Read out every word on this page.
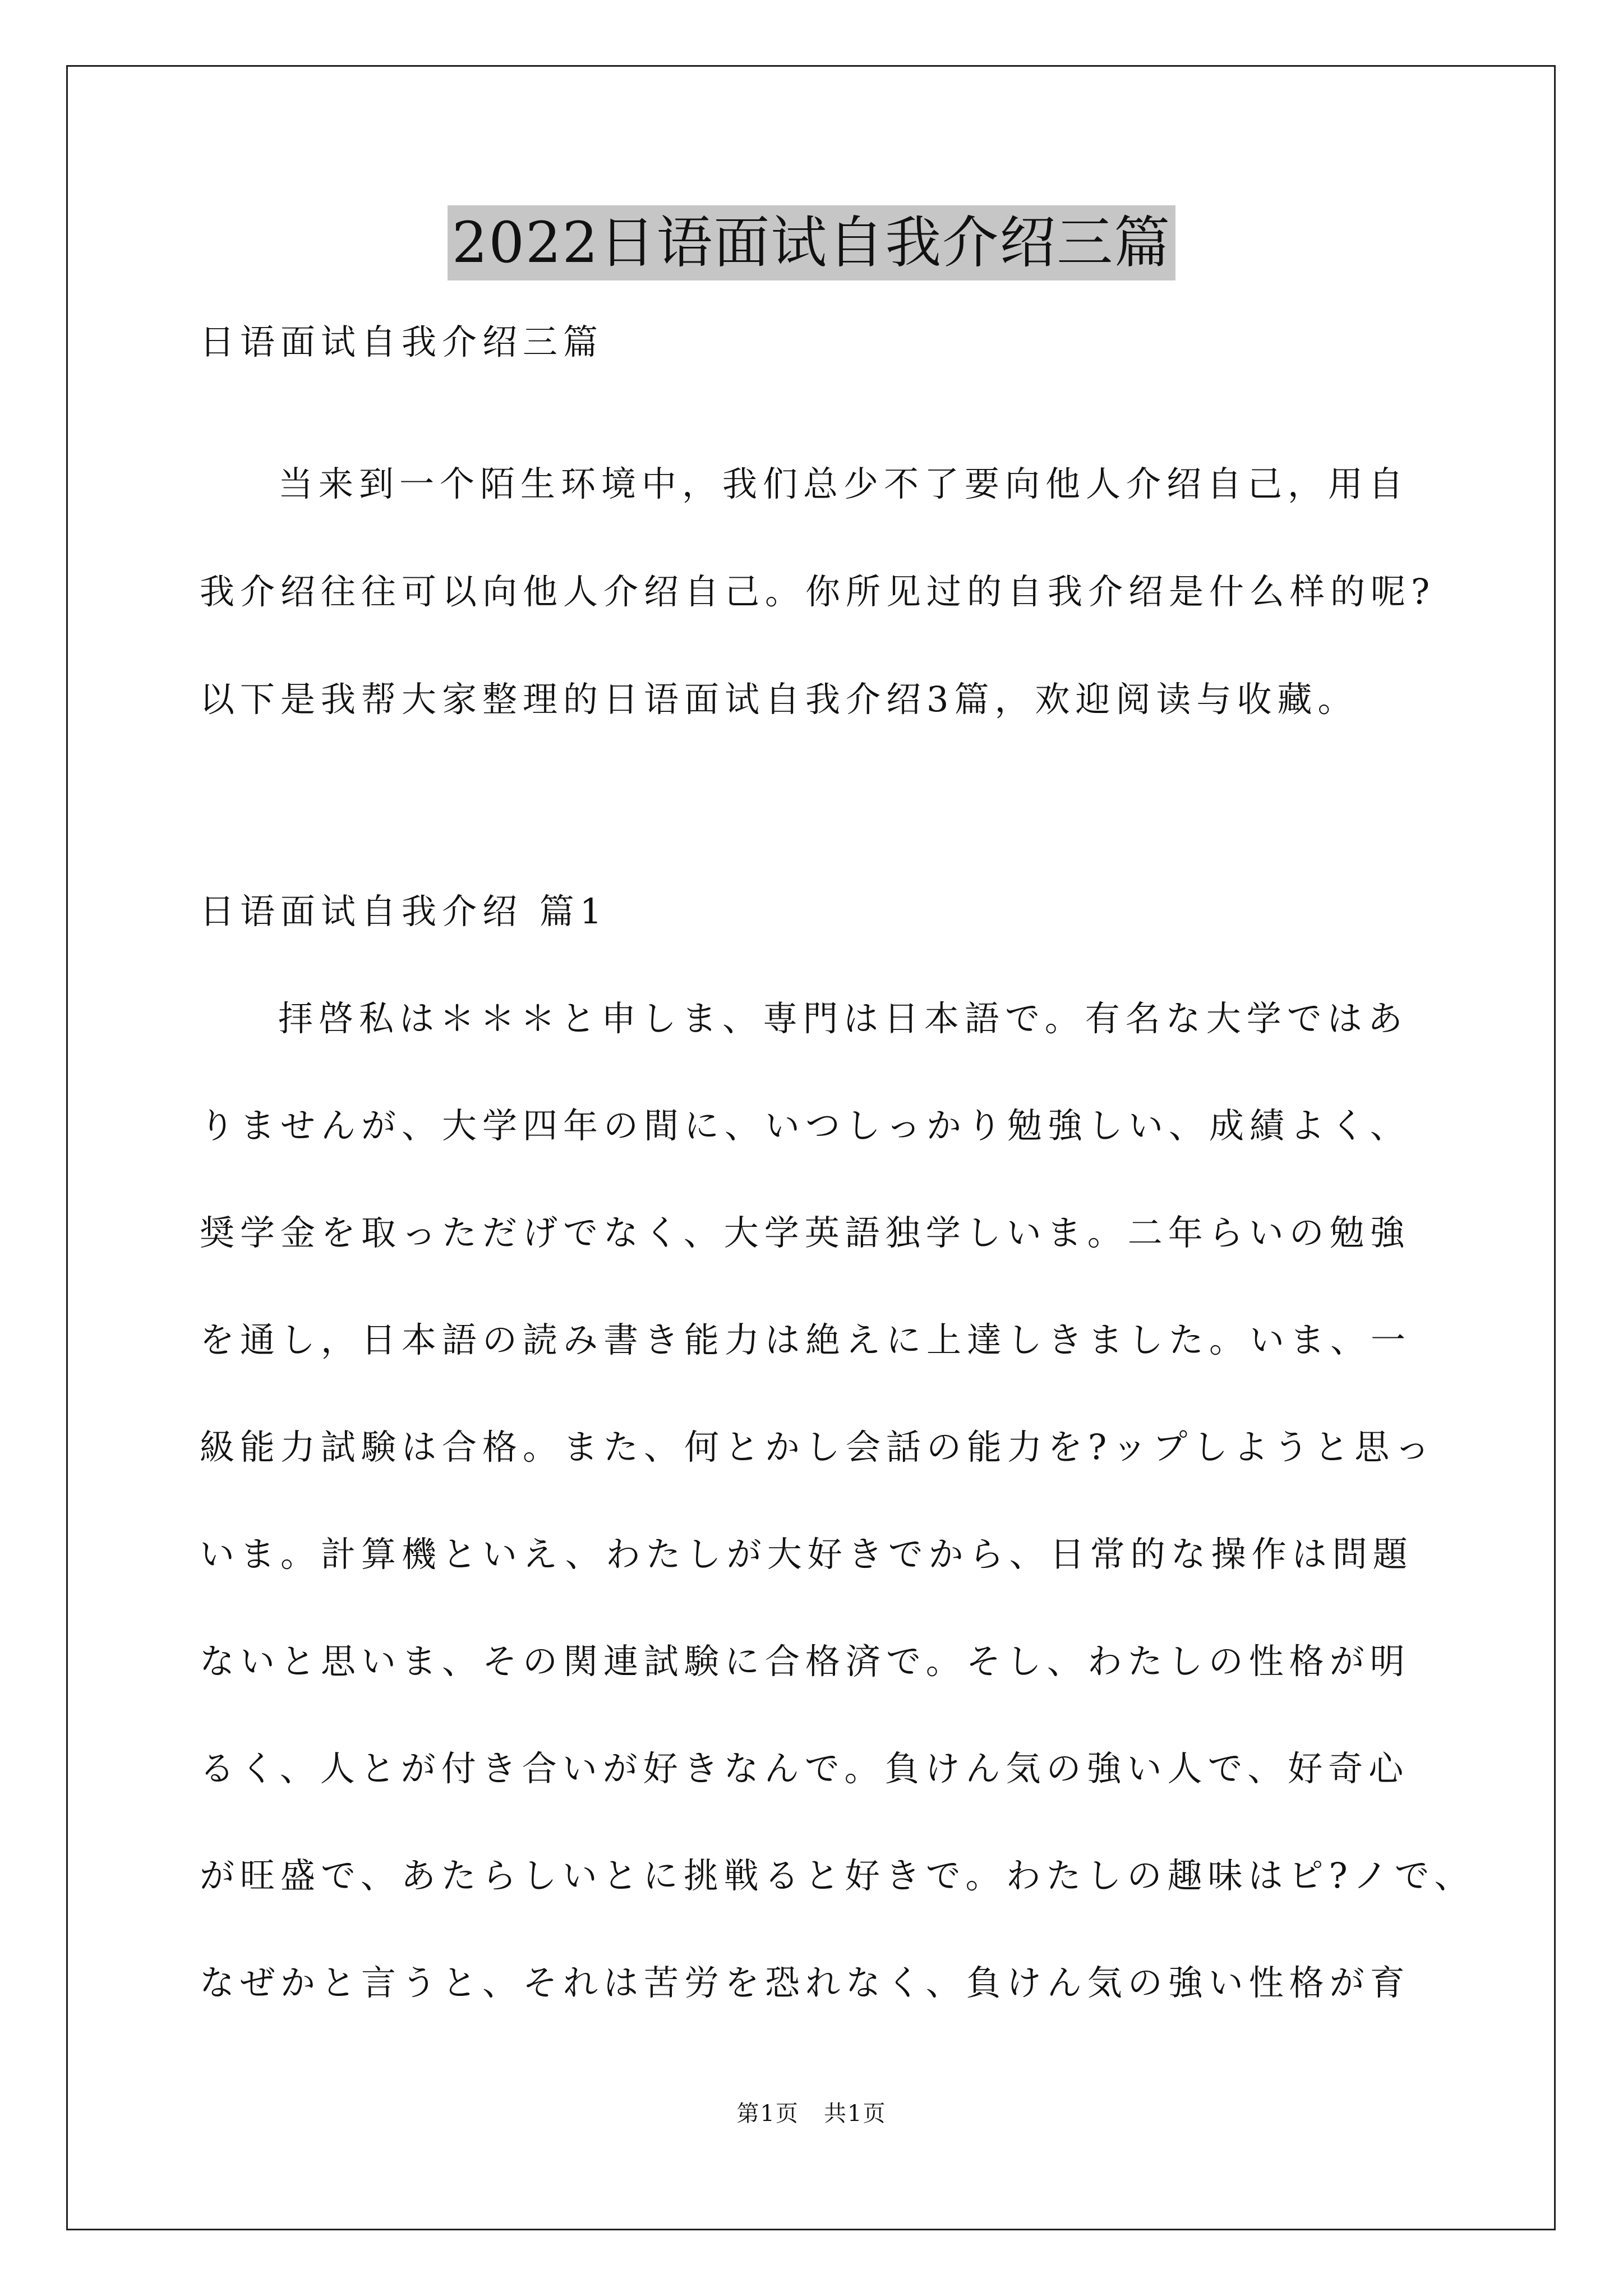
2022日语面试自我介绍三篇
日语面试自我介绍三篇
当来到一个陌生环境中，我们总少不了要向他人介绍自己，用自
我介绍往往可以向他人介绍自己。你所见过的自我介绍是什么样的呢?
以下是我帮大家整理的日语面试自我介绍3篇，欢迎阅读与收藏。
日语面试自我介绍 篇1
拝啓私は＊＊＊と申しま、専門は日本語で。有名な大学ではあ
りませんが、大学四年の間に、いつしっかり勉強しい、成績よく、
奨学金を取っただげでなく、大学英語独学しいま。二年らいの勉強
を通し，日本語の読み書き能力は絶えに上達しきました。いま、一
級能力試験は合格。また、何とかし会話の能力を?ップしようと思っ
いま。計算機といえ、わたしが大好きでから、日常的な操作は問題
ないと思いま、その関連試験に合格済で。そし、わたしの性格が明
るく、人とが付き合いが好きなんで。負けん気の強い人で、好奇心
が旺盛で、あたらしいとに挑戦ると好きで。わたしの趣味はピ?ノで、
なぜかと言うと、それは苦労を恐れなく、負けん気の強い性格が育
第1页   共1页
